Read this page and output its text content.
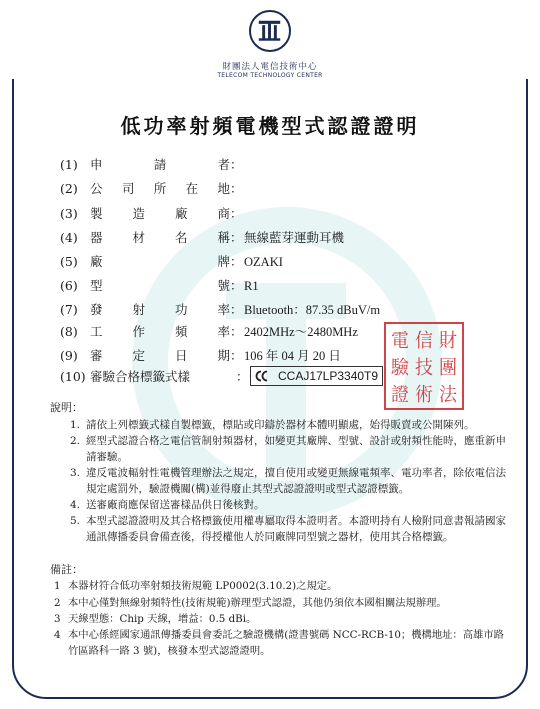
財團法人電信技術中心
TELECOM TECHNOLOGY CENTER
低功率射頻電機型式認證證明
(1) 申	請	者 ：
(2) 公 司 所 在 地 ：
(3) 製 造 廠 商 ：
(4) 器 材 名 稱 ： 無線藍芽運動耳機
(5) 廠	牌 ： OZAKI
(6) 型	號 ： R1
(7) 發 射 功 率 ： Bluetooth：87.35 dBuV/m
(8) 工 作 頻 率 ： 2402MHz～2480MHz
(9) 審 定 日 期 ： 106 年 04 月 20 日
(10) 審驗合格標籤式樣	： CCAJ17LP3340T9
電 信 財
驗 技 團
證 術 法
說明：
1. 請依上列標籤式樣自製標籤，標貼或印鑄於器材本體明顯處，始得販賣或公開陳列。
2. 經型式認證合格之電信管制射頻器材，如變更其廠牌、型號、設計或射頻性能時，應重新申請審驗。
3. 違反電波輻射性電機管理辦法之規定，擅自使用或變更無線電頻率、電功率者，除依電信法規定處罰外，驗證機關(構)並得廢止其型式認證證明或型式認證標籤。
4. 送審廠商應保留送審樣品供日後核對。
5. 本型式認證證明及其合格標籤使用權專屬取得本證明者。本證明持有人檢附同意書報請國家通訊傳播委員會備查後，得授權他人於同廠牌同型號之器材，使用其合格標籤。
備註：
1 本器材符合低功率射頻技術規範 LP0002(3.10.2)之規定。
2 本中心僅對無線射頻特性(技術規範)辦理型式認證，其他仍須依本國相關法規辦理。
3 天線型態：Chip 天線，增益：0.5 dBi。
4 本中心係經國家通訊傳播委員會委託之驗證機構(證書號碼 NCC-RCB-10；機構地址：高雄市路竹區路科一路 3 號)，核發本型式認證證明。
